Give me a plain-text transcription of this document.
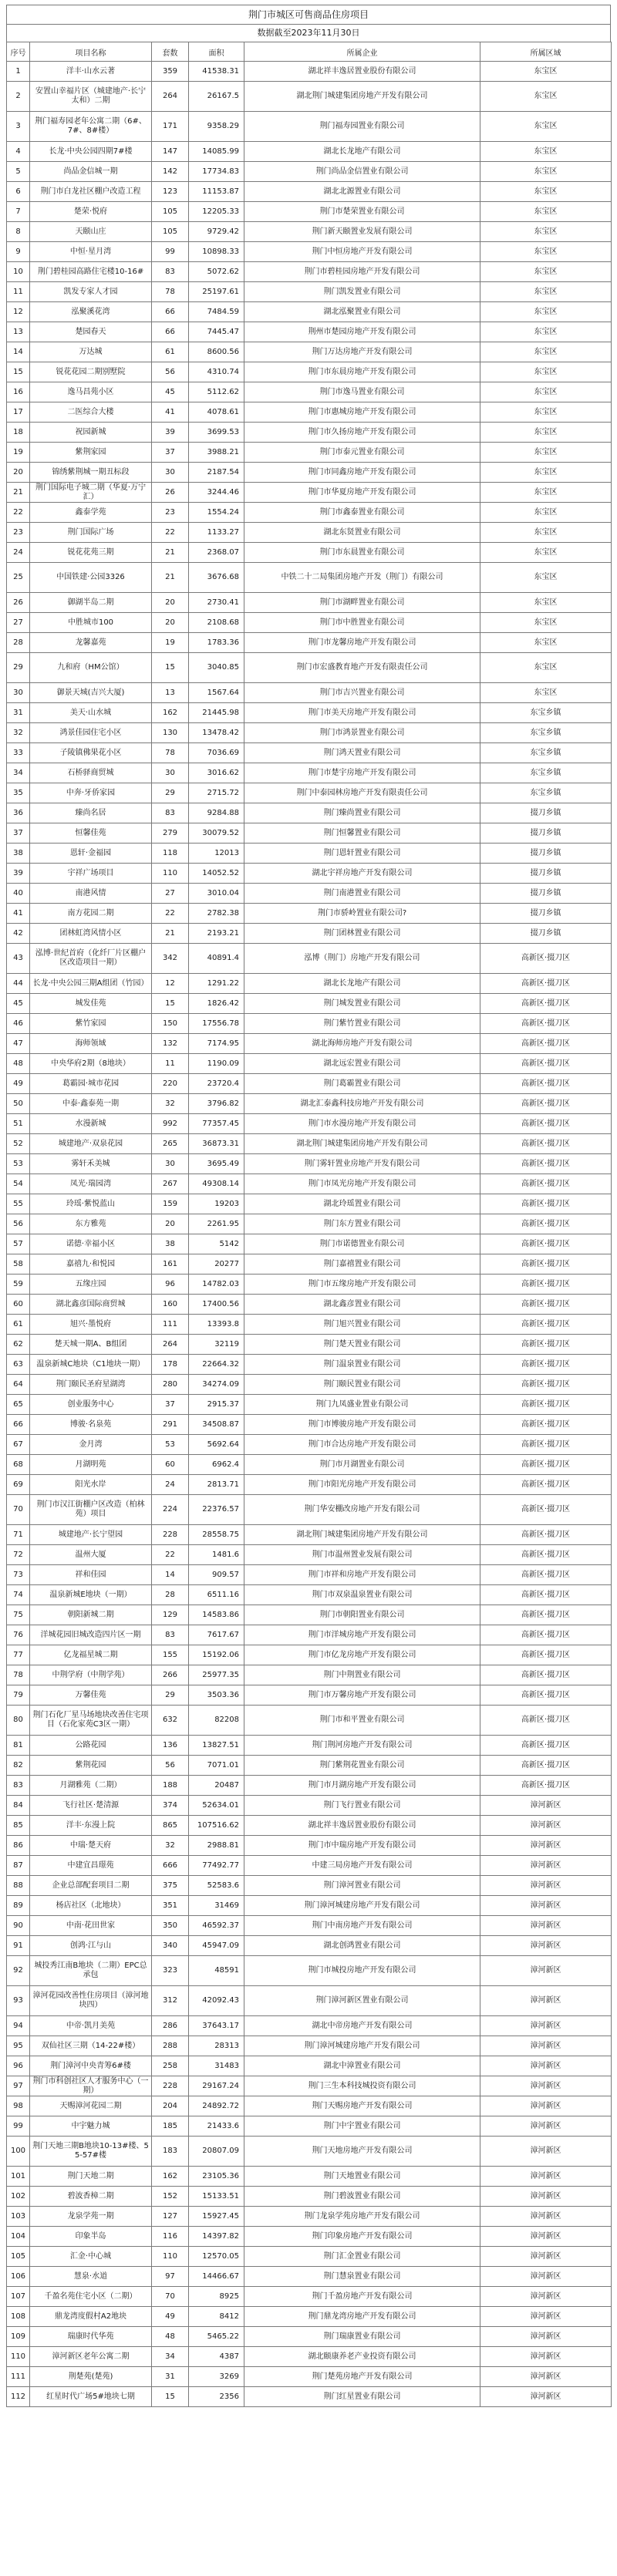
荆门市城区可售商品住房项目
数据截至2023年11月30日
序号	项目名称	套数	面积	所属企业	所属区域
1	洋丰·山水云著	359	41538.31	湖北祥丰逸居置业股份有限公司	东宝区
2	安置山幸福片区（城建地产·长宁太和）二期	264	26167.5	湖北荆门城建集团房地产开发有限公司	东宝区
3	荆门福寿园老年公寓二期（6#、7#、8#楼）	171	9358.29	荆门福寿园置业有限公司	东宝区
4	长龙·中央公园四期7#楼	147	14085.99	湖北长龙地产有限公司	东宝区
5	尚品金信城一期	142	17734.83	荆门尚品金信置业有限公司	东宝区
6	荆门市白龙社区棚户改造工程	123	11153.87	湖北北源置业有限公司	东宝区
7	楚荣·悦府	105	12205.33	荆门市楚荣置业有限公司	东宝区
8	天颐山庄	105	9729.42	荆门新天颐置业发展有限公司	东宝区
9	中恒·星月湾	99	10898.33	荆门中恒房地产开发有限公司	东宝区
10	荆门碧桂园高路住宅楼10-16#	83	5072.62	荆门市碧桂园房地产开发有限公司	东宝区
11	凯发专家人才园	78	25197.61	荆门凯发置业有限公司	东宝区
12	泓聚溪花湾	66	7484.59	湖北泓聚置业有限公司	东宝区
13	楚园春天	66	7445.47	荆州市楚园房地产开发有限公司	东宝区
14	万达城	61	8600.56	荆门万达房地产开发有限公司	东宝区
15	锐花花园二期别墅院	56	4310.74	荆门市东晨房地产开发有限公司	东宝区
16	逸马昌苑小区	45	5112.62	荆门市逸马置业有限公司	东宝区
17	二医综合大楼	41	4078.61	荆门市惠城房地产开发有限公司	东宝区
18	祝园新城	39	3699.53	荆门市久扬房地产开发有限公司	东宝区
19	紫荆家园	37	3988.21	荆门市泰元置业有限公司	东宝区
20	锦绣紫荆城一期丑标段	30	2187.54	荆门市同鑫房地产开发有限公司	东宝区
21	荆门国际电子城二期（华夏·万宁汇）	26	3244.46	荆门市华夏房地产开发有限公司	东宝区
22	鑫泰学苑	23	1554.24	荆门市鑫泰置业有限公司	东宝区
23	荆门国际广场	22	1133.27	湖北东贤置业有限公司	东宝区
24	锐花花苑三期	21	2368.07	荆门市东晨置业有限公司	东宝区
25	中国铁建·公园3326	21	3676.68	中铁二十二局集团房地产开发（荆门）有限公司	东宝区
26	御湖半岛二期	20	2730.41	荆门市湖畔置业有限公司	东宝区
27	中胜城市100	20	2108.68	荆门市中胜置业有限公司	东宝区
28	龙馨嘉苑	19	1783.36	荆门市龙馨房地产开发有限公司	东宝区
29	九和府（HM公馆）	15	3040.85	荆门市宏盛教育地产开发有限责任公司	东宝区
30	御景天城(吉兴大厦)	13	1567.64	荆门市吉兴置业有限公司	东宝区
31	美天·山水城	162	21445.98	荆门市美天房地产开发有限公司	东宝乡镇
32	鸿景佳园住宅小区	130	13478.42	荆门市鸿景置业有限公司	东宝乡镇
33	子陵镇佛果花小区	78	7036.69	荆门鸿天置业有限公司	东宝乡镇
34	石桥驿商贸城	30	3016.62	荆门市楚宇房地产开发有限公司	东宝乡镇
35	中奔·牙侨家园	29	2715.72	荆门中泰园林房地产开发有限责任公司	东宝乡镇
36	臻尚名居	83	9284.88	荆门臻尚置业有限公司	掇刀乡镇
37	恒馨佳苑	279	30079.52	荆门恒馨置业有限公司	掇刀乡镇
38	恩轩·金福园	118	12013	荆门恩轩置业有限公司	掇刀乡镇
39	宇祥广场项目	110	14052.52	湖北宇祥房地产开发有限公司	掇刀乡镇
40	南港风情	27	3010.04	荆门南港置业有限公司	掇刀乡镇
41	南方花园二期	22	2782.38	荆门市骄岭置业有限公司?	掇刀乡镇
42	团林虹湾风情小区	21	2193.21	荆门团林置业有限公司	掇刀乡镇
43	泓博·世纪首府（化纤厂片区棚户区改造项目一期）	342	40891.4	泓博（荆门）房地产开发有限公司	高新区·掇刀区
44	长龙·中央公园三期A组团（竹园）	12	1291.22	湖北长龙地产有限公司	高新区·掇刀区
45	城发佳苑	15	1826.42	荆门城发置业有限公司	高新区·掇刀区
46	紫竹家园	150	17556.78	荆门紫竹置业有限公司	高新区·掇刀区
47	海师领域	132	7174.95	湖北海师房地产开发有限公司	高新区·掇刀区
48	中央华府2期（8地块）	11	1190.09	湖北远宏置业有限公司	高新区·掇刀区
49	葛霸园·城市花园	220	23720.4	荆门葛霸置业有限公司	高新区·掇刀区
50	中泰·鑫泰苑一期	32	3796.82	湖北汇泰鑫科技房地产开发有限公司	高新区·掇刀区
51	水漫新城	992	77357.45	荆门市水漫房地产开发有限公司	高新区·掇刀区
52	城建地产·双泉花园	265	36873.31	湖北荆门城建集团房地产开发有限公司	高新区·掇刀区
53	雾轩禾美城	30	3695.49	荆门雾轩置业房地产开发有限公司	高新区·掇刀区
54	凤光·瑞园湾	267	49308.14	荆门市凤光房地产开发有限公司	高新区·掇刀区
55	玲瑶·紫悦蓝山	159	19203	湖北玲瑶置业有限公司	高新区·掇刀区
56	东方雅苑	20	2261.95	荆门东方置业有限公司	高新区·掇刀区
57	诺德·幸福小区	38	5142	荆门市诺德置业有限公司	高新区·掇刀区
58	嘉禧九·和悦园	161	20277	荆门嘉禧置业有限公司	高新区·掇刀区
59	五缘庄园	96	14782.03	荆门市五缘房地产开发有限公司	高新区·掇刀区
60	湖北鑫彦国际商贸城	160	17400.56	湖北鑫彦置业有限公司	高新区·掇刀区
61	旭兴·墨悦府	111	13393.8	荆门旭兴置业有限公司	高新区·掇刀区
62	楚天城一期A、B组团	264	32119	荆门楚天置业有限公司	高新区·掇刀区
63	温泉新城C地块（C1地块一期）	178	22664.32	荆门温泉置业有限公司	高新区·掇刀区
64	荆门颐民圣府星湖湾	280	34274.09	荆门颐民置业有限公司	高新区·掇刀区
65	创业服务中心	37	2915.37	荆门九凤盛业置业有限公司	高新区·掇刀区
66	博骏·名泉苑	291	34508.87	荆门市博骏房地产开发有限公司	高新区·掇刀区
67	金月湾	53	5692.64	荆门市合达房地产开发有限公司	高新区·掇刀区
68	月湖明苑	60	6962.4	荆门市月湖置业有限公司	高新区·掇刀区
69	阳光水岸	24	2813.71	荆门市阳光房地产开发有限公司	高新区·掇刀区
70	荆门市汉江街棚户区改造（柏林苑）项目	224	22376.57	荆门华安棚改房地产开发有限公司	高新区·掇刀区
71	城建地产·长宁望园	228	28558.75	湖北荆门城建集团房地产开发有限公司	高新区·掇刀区
72	温州大厦	22	1481.6	荆门市温州置业发展有限公司	高新区·掇刀区
73	祥和佳园	14	909.57	荆门市祥和房地产开发有限公司	高新区·掇刀区
74	温泉新城E地块（一期）	28	6511.16	荆门市双泉温泉置业有限公司	高新区·掇刀区
75	朝阳新城二期	129	14583.86	荆门市朝阳置业有限公司	高新区·掇刀区
76	洋城花园旧城改造四片区一期	83	7617.67	荆门市洋城房地产开发有限公司	高新区·掇刀区
77	亿龙福星城二期	155	15192.06	荆门市亿龙房地产开发有限公司	高新区·掇刀区
78	中荆学府（中荆学苑）	266	25977.35	荆门中荆置业有限公司	高新区·掇刀区
79	万馨佳苑	29	3503.36	荆门市万馨房地产开发有限公司	高新区·掇刀区
80	荆门石化厂星马场地块改善住宅项目（石化家苑C3区一期）	632	82208	荆门市和平置业有限公司	高新区·掇刀区
81	公路花园	136	13827.51	荆门荆河房地产开发有限公司	高新区·掇刀区
82	紫荆花园	56	7071.01	荆门紫荆花置业有限公司	高新区·掇刀区
83	月湖雅苑（二期）	188	20487	荆门市月湖房地产开发有限公司	高新区·掇刀区
84	飞行社区·楚清源	374	52634.01	荆门飞行置业有限公司	漳河新区
85	洋丰·东漫上院	865	107516.62	湖北祥丰逸居置业股份有限公司	漳河新区
86	中瑞·楚天府	32	2988.81	荆门市中瑞房地产开发有限公司	漳河新区
87	中建宜昌璟苑	666	77492.77	中建三局房地产开发有限公司	漳河新区
88	企业总部配套项目二期	375	52583.6	荆门漳河置业有限公司	漳河新区
89	杨店社区（北地块）	351	31469	荆门漳河城建房地产开发有限公司	漳河新区
90	中南·花田世家	350	46592.37	荆门中南房地产开发有限公司	漳河新区
91	创鸿·江与山	340	45947.09	湖北创鸿置业有限公司	漳河新区
92	城投秀江南B地块（二期）EPC总承包	323	48591	荆门市城投房地产开发有限公司	漳河新区
93	漳河花园改善性住房项目（漳河地块四）	312	42092.43	荆门漳河新区置业有限公司	漳河新区
94	中帝·凯月美苑	286	37643.17	湖北中帝房地产开发有限公司	漳河新区
95	双仙社区三期（14-22#楼）	288	28313	荆门漳河城建房地产开发有限公司	漳河新区
96	荆门漳河中央青筹6#楼	258	31483	湖北中漳置业有限公司	漳河新区
97	荆门市科创社区人才服务中心（一期）	228	29167.24	荆门三生本科技城投资有限公司	漳河新区
98	天赐漳河花园二期	204	24892.72	荆门天赐房地产开发有限公司	漳河新区
99	中宇魅力城	185	21433.6	荆门中宇置业有限公司	漳河新区
100	荆门天地三期B地块10-13#楼、55-57#楼	183	20807.09	荆门天地房地产开发有限公司	漳河新区
101	荆门天地二期	162	23105.36	荆门天地置业有限公司	漳河新区
102	碧波香樟二期	152	15133.51	荆门碧波置业有限公司	漳河新区
103	龙泉学苑一期	127	15927.45	荆门龙泉学苑房地产开发有限公司	漳河新区
104	印象半岛	116	14397.82	荆门印象房地产开发有限公司	漳河新区
105	汇金·中心城	110	12570.05	荆门汇金置业有限公司	漳河新区
106	慧泉·水道	97	14466.67	荆门慧泉置业有限公司	漳河新区
107	千盈名苑住宅小区（二期）	70	8925	荆门千盈房地产开发有限公司	漳河新区
108	鼎龙湾度假村A2地块	49	8412	荆门鼎龙湾房地产开发有限公司	漳河新区
109	瑞康时代华苑	48	5465.22	荆门瑞康置业有限公司	漳河新区
110	漳河新区老年公寓二期	34	4387	湖北颐康养老产业投资有限公司	漳河新区
111	荆楚苑(楚苑)	31	3269	荆门楚苑房地产开发有限公司	漳河新区
112	红星时代广场5#地块七期	15	2356	荆门红星置业有限公司	漳河新区
